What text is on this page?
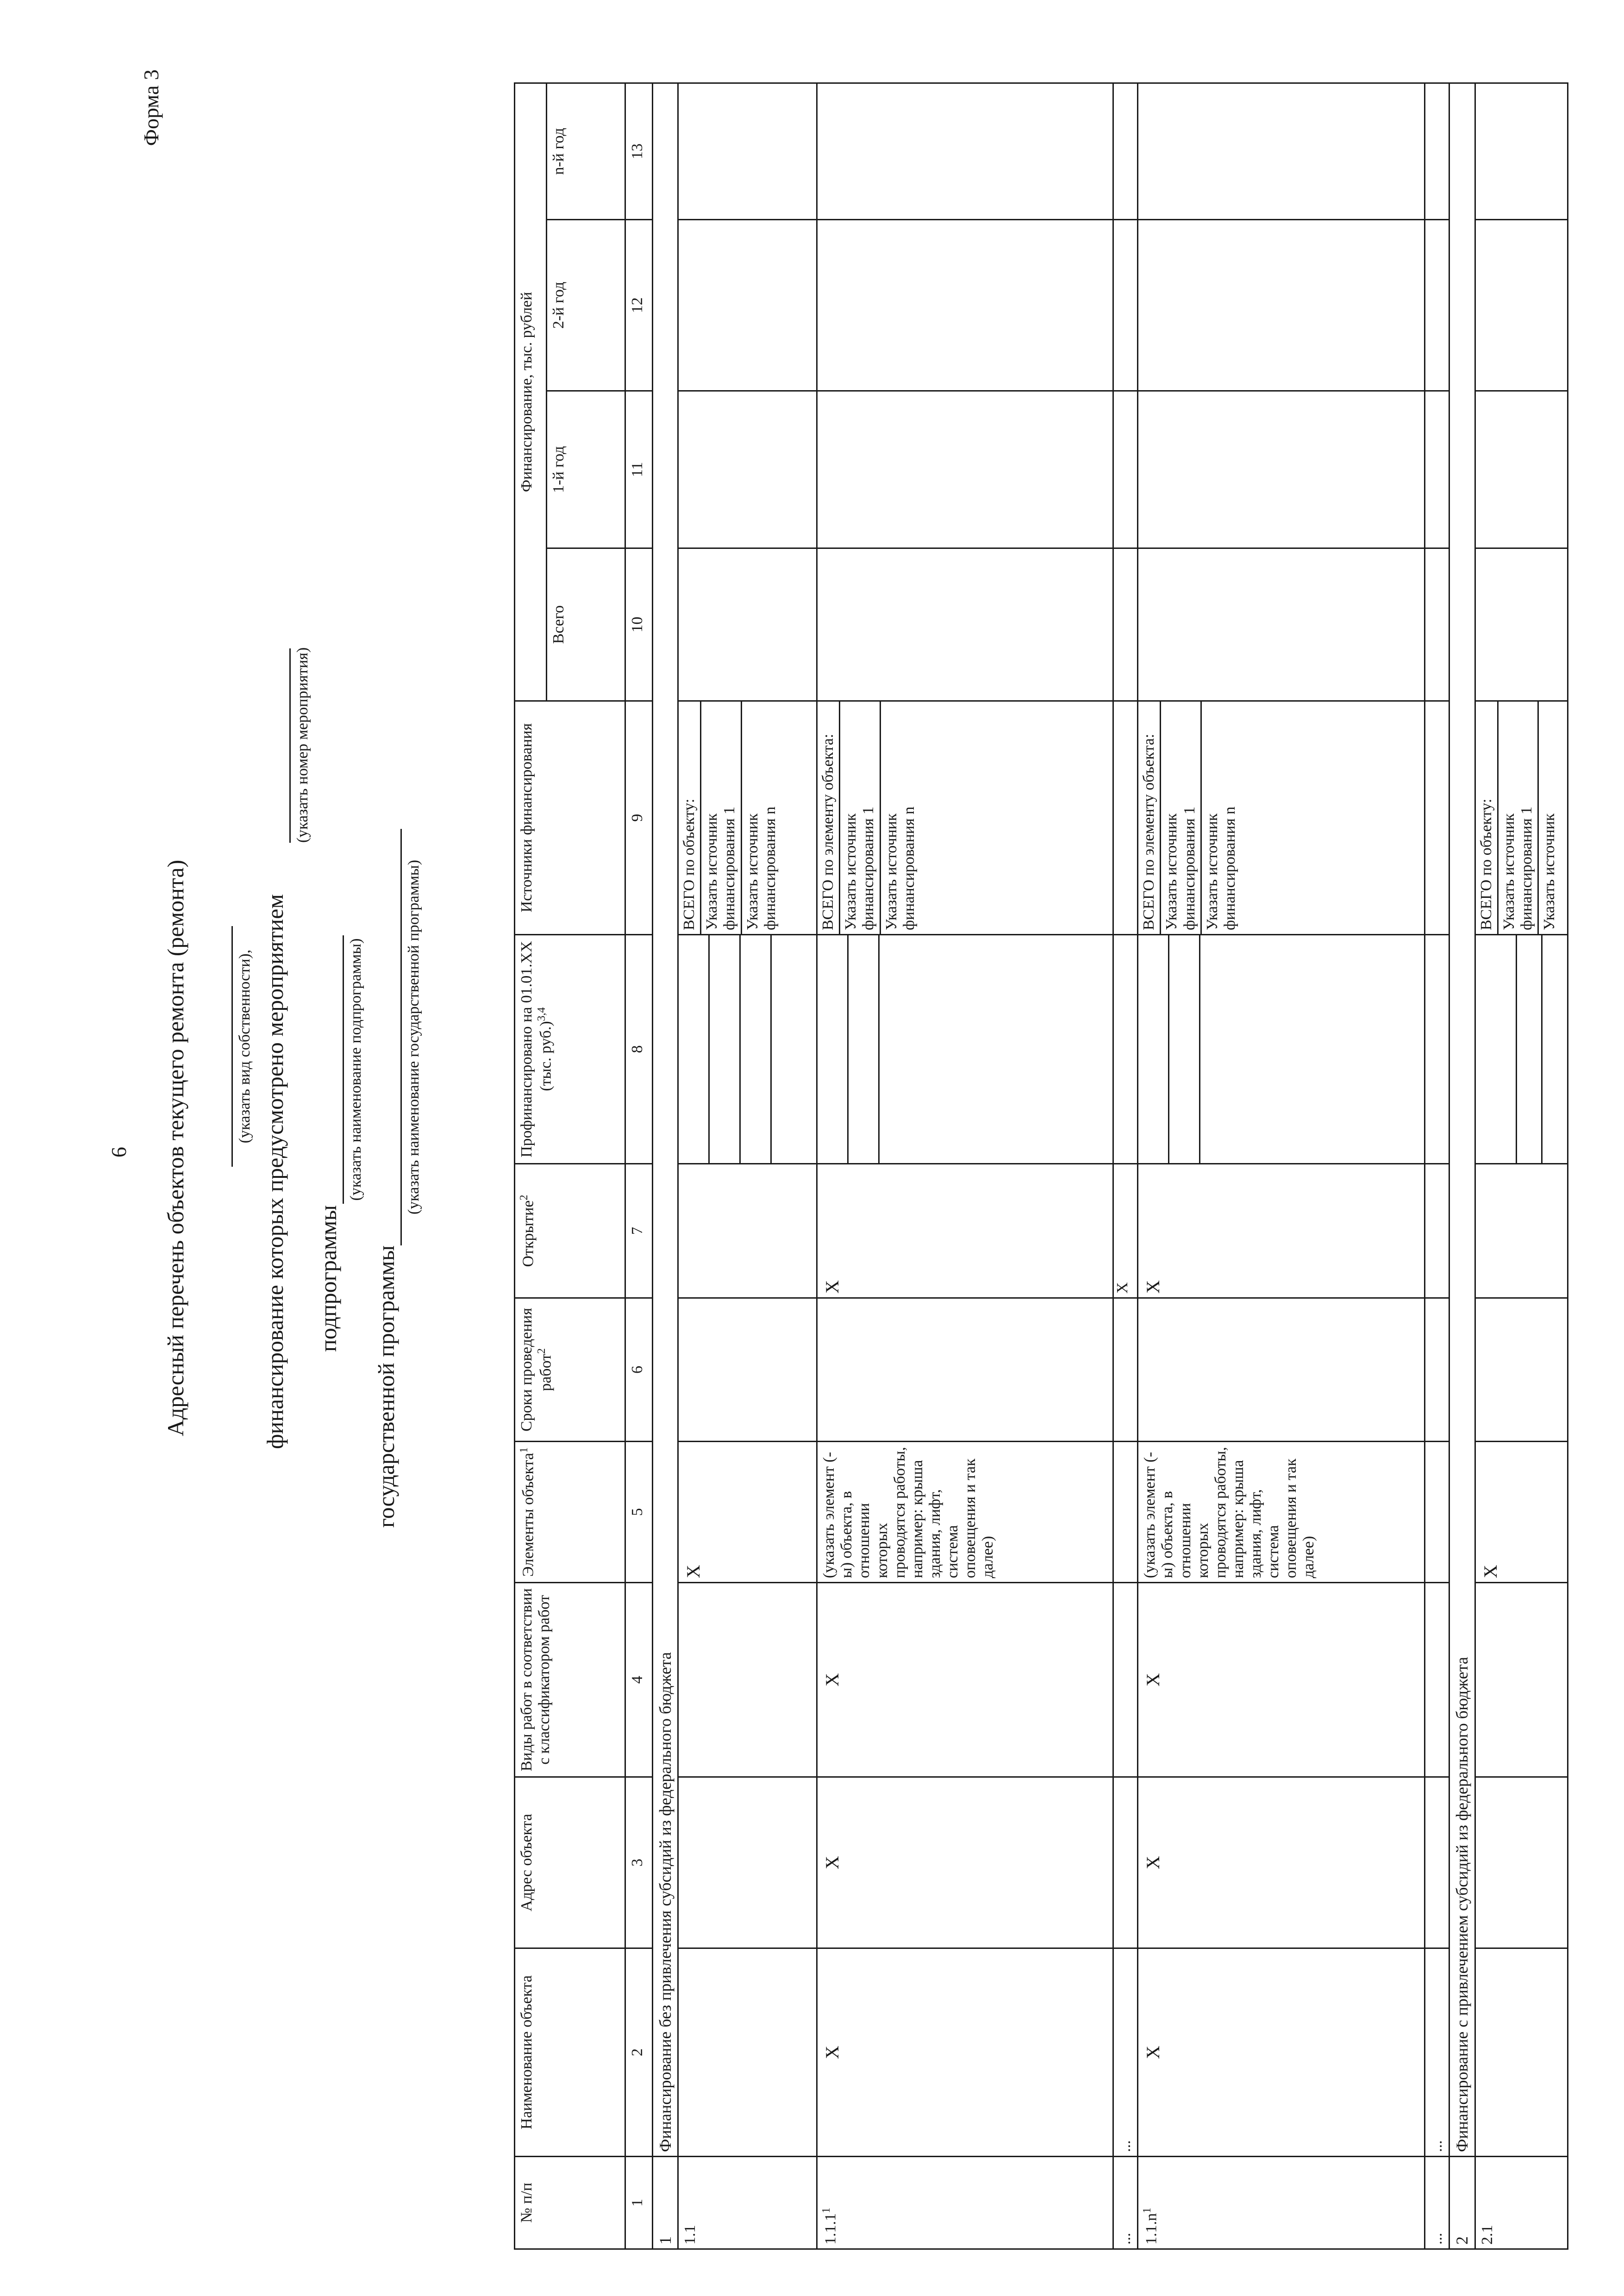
6
Форма 3
Адресный перечень объектов текущего ремонта (ремонта)	(указать вид собственности), финансирование которых предусмотрено мероприятием
(указать номер мероприятия)
подпрограммы
(указать наименование подпрограммы)
государственной программы
(указать наименование государственной программы)
№ п/п	Наименование объекта	Адрес объекта	Виды работ в соответствии с классификатором работ	Элементы объекта$^1$	Сроки проведения работ$^2$	Открытие$^2$	Профинансировано на 01.01.ХХ (тыс. руб.)$^{3,4}$	Источники финансирования	Финансирование, тыс. рублей			
									Всего	1-й год	2-й год	n-й год
1	2	3	4	5	6	7	8	9	10	11	12	13
1	Финансирование без привлечения субсидий из федерального бюджета											
1.1				X				ВСЕГО по объекту: Указать источник финансирования 1 Указать источник финансирования n				

1.1.1$^1$	X	X	X	(указать элемент (-ы) объекта, в отношении которых проводятся работы, например: крыша здания, лифт, система оповещения и так далее)		X		ВСЕГО по элементу объекта: Указать источник финансирования 1 Указать источник финансирования n				

...	...					X						
$1.1.n^1$	X	X	X	(указать элемент (-ы) объекта, в отношении которых проводятся работы, например: крыша здания, лифт, система оповещения и так далее)		X		ВСЕГО по элементу объекта: Указать источник финансирования 1 Указать источник финансирования n				

...	...											
2	Финансирование с привлечением субсидий из федерального бюджета											
2.1				X				ВСЕГО по объекту: Указать источник финансирования 1 Указать источник				
